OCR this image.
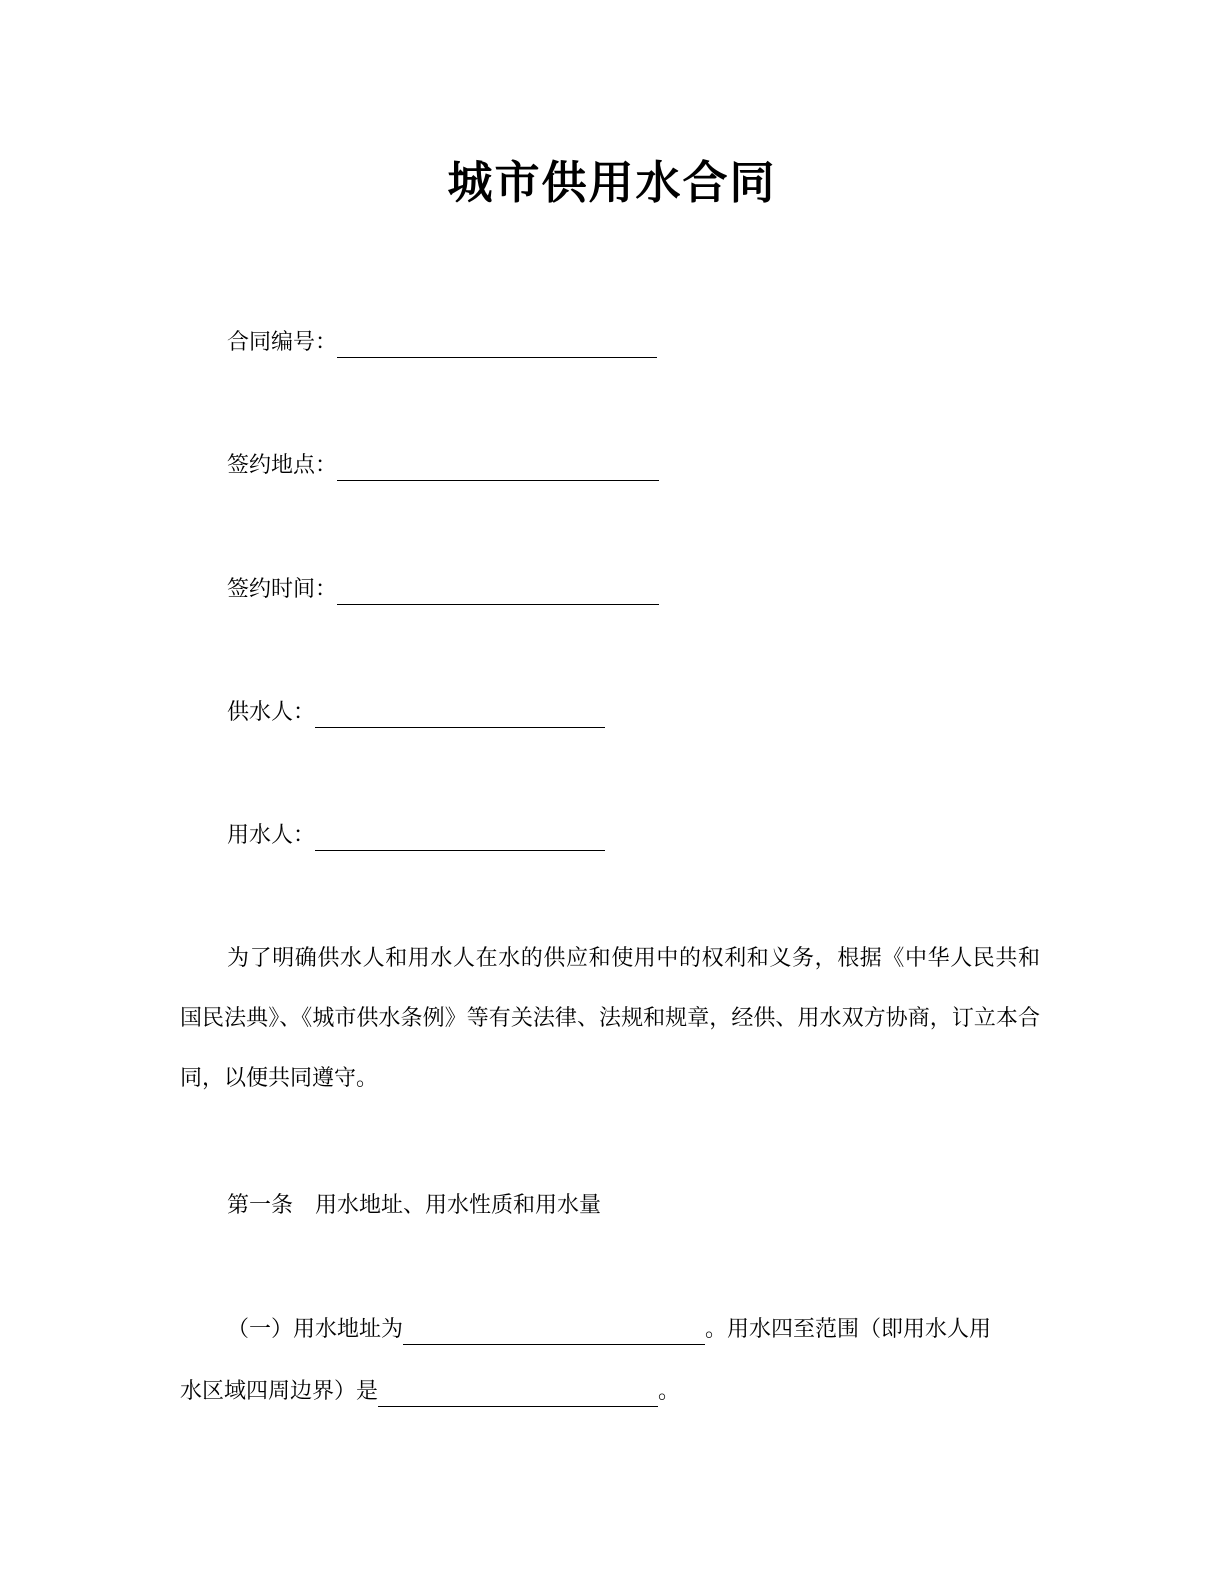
城市供用水合同
合同编号：
签约地点：
签约时间：
供水人：
用水人：

为了明确供水人和用水人在水的供应和使用中的权利和义务，根据《中华人民共和国民法典》、《城市供水条例》等有关法律、法规和规章，经供、用水双方协商，订立本合同，以便共同遵守。

第一条　用水地址、用水性质和用水量
（一）用水地址为	。用水四至范围（即用水人用
水区域四周边界）是	。
